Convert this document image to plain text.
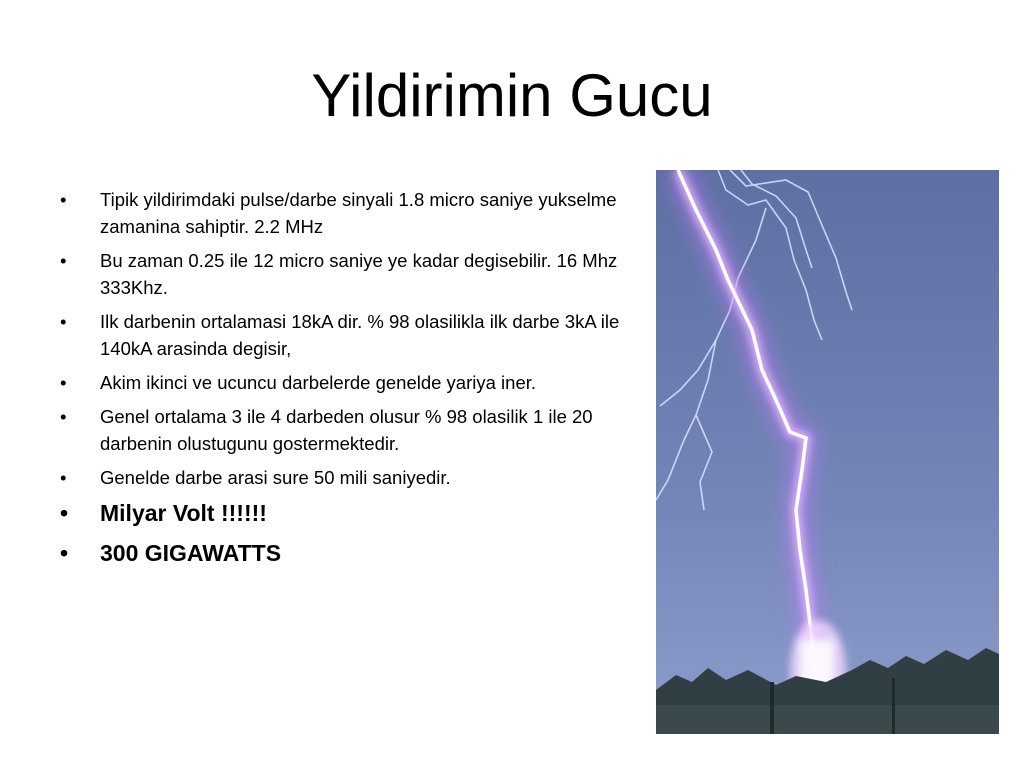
Yildirimin Gucu
•	Tipik yildirimdaki pulse/darbe sinyali 1.8 micro saniye yukselme zamanina sahiptir. 2.2 MHz
•	Bu zaman 0.25 ile 12 micro saniye ye kadar degisebilir. 16 Mhz 333Khz.
•	Ilk darbenin ortalamasi 18kA dir. % 98 olasilikla ilk darbe 3kA ile 140kA arasinda degisir,
•	Akim ikinci ve ucuncu darbelerde genelde yariya iner.
•	Genel ortalama 3 ile 4 darbeden olusur % 98 olasilik 1 ile 20 darbenin olustugunu gostermektedir.
•	Genelde darbe arasi sure 50 mili saniyedir.
•	Milyar Volt !!!!!!
•	300 GIGAWATTS
